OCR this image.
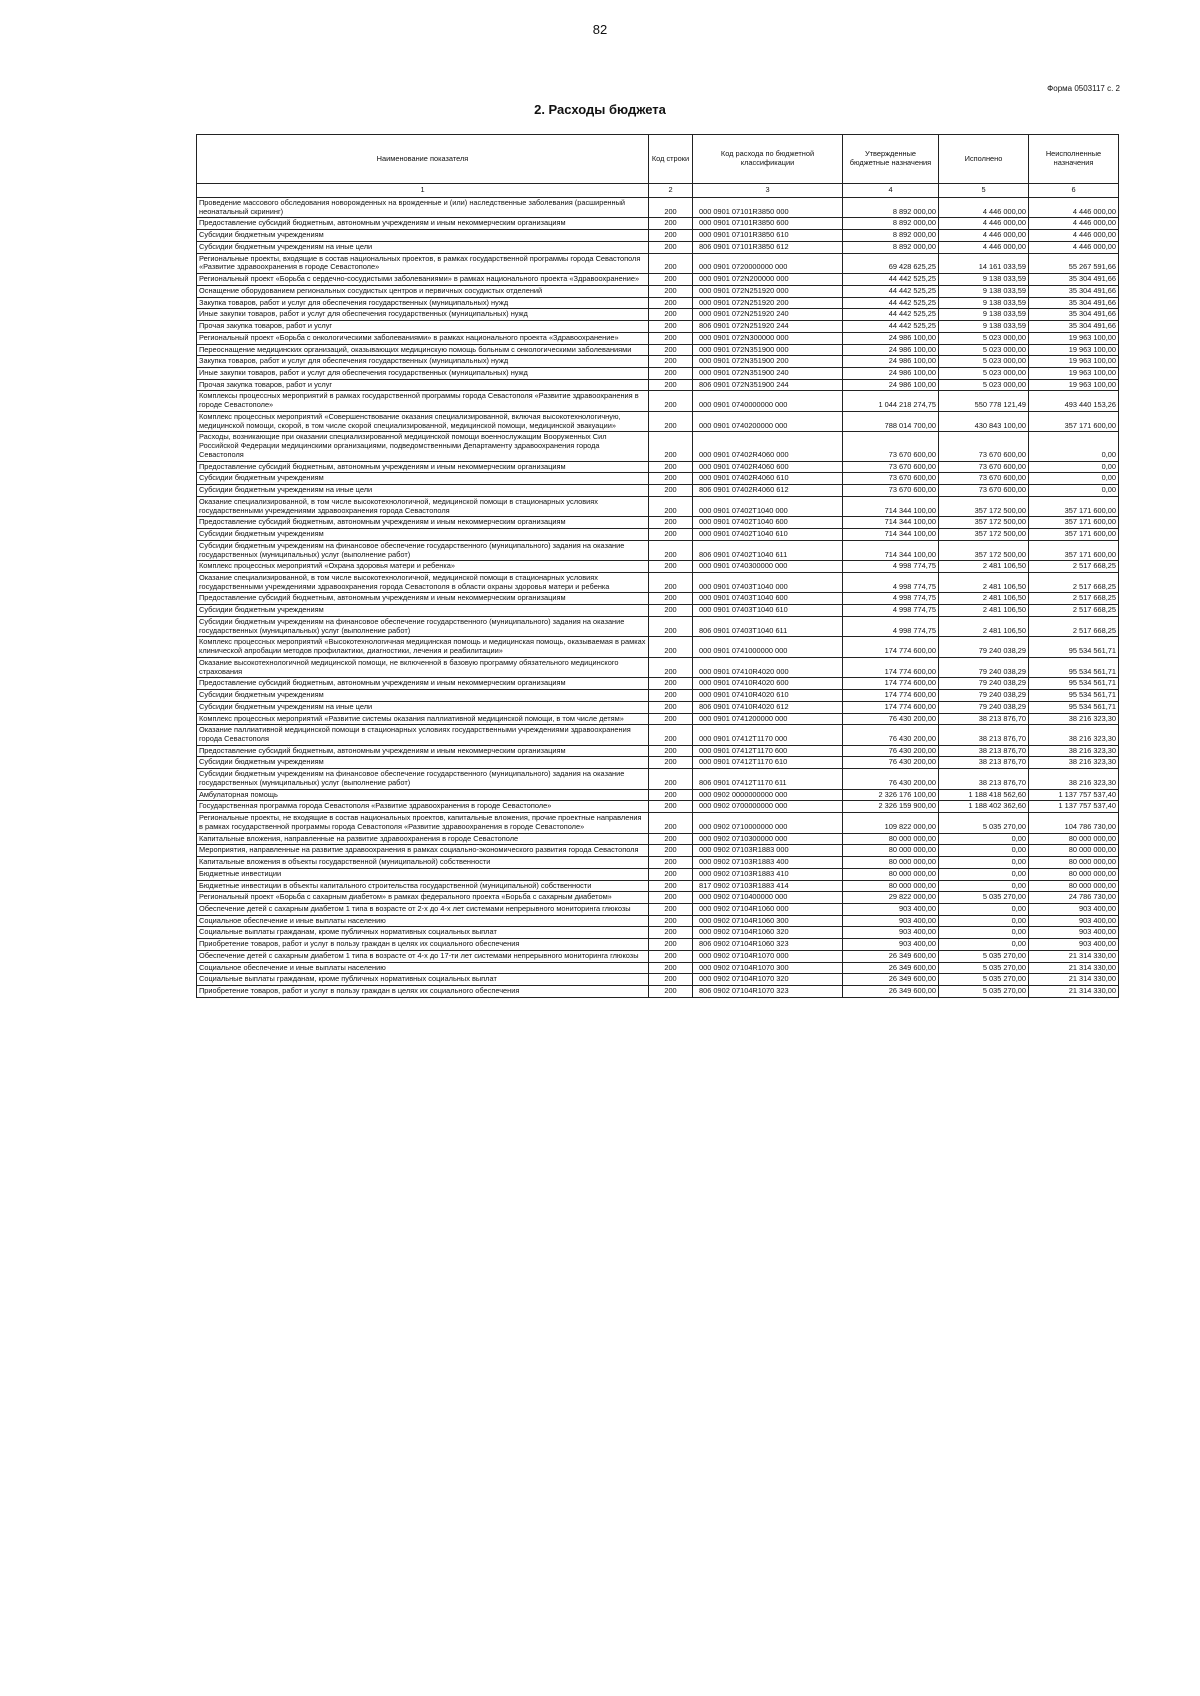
82
Форма 0503117 с. 2
2. Расходы бюджета
Наименование показателя	Код строки	Код расхода по бюджетной классификации	Утвержденные бюджетные назначения	Исполнено	Неисполненные назначения
1	2	3	4	5	6
Проведение массового обследования новорожденных на врожденные и (или) наследственные заболевания (расширенный неонатальный скрининг)	200	000 0901 07101R3850 000	8 892 000,00	4 446 000,00	4 446 000,00
Предоставление субсидий бюджетным, автономным учреждениям и иным некоммерческим организациям	200	000 0901 07101R3850 600	8 892 000,00	4 446 000,00	4 446 000,00
Субсидии бюджетным учреждениям	200	000 0901 07101R3850 610	8 892 000,00	4 446 000,00	4 446 000,00
Субсидии бюджетным учреждениям на иные цели	200	806 0901 07101R3850 612	8 892 000,00	4 446 000,00	4 446 000,00
Региональные проекты, входящие в состав национальных проектов, в рамках государственной программы города Севастополя «Развитие здравоохранения в городе Севастополе»	200	000 0901 0720000000 000	69 428 625,25	14 161 033,59	55 267 591,66
Региональный проект «Борьба с сердечно-сосудистыми заболеваниями» в рамках национального проекта «Здравоохранение»	200	000 0901 072N200000 000	44 442 525,25	9 138 033,59	35 304 491,66
Оснащение оборудованием региональных сосудистых центров и первичных сосудистых отделений	200	000 0901 072N251920 000	44 442 525,25	9 138 033,59	35 304 491,66
Закупка товаров, работ и услуг для обеспечения государственных (муниципальных) нужд	200	000 0901 072N251920 200	44 442 525,25	9 138 033,59	35 304 491,66
Иные закупки товаров, работ и услуг для обеспечения государственных (муниципальных) нужд	200	000 0901 072N251920 240	44 442 525,25	9 138 033,59	35 304 491,66
Прочая закупка товаров, работ и услуг	200	806 0901 072N251920 244	44 442 525,25	9 138 033,59	35 304 491,66
Региональный проект «Борьба с онкологическими заболеваниями» в рамках национального проекта «Здравоохранение»	200	000 0901 072N300000 000	24 986 100,00	5 023 000,00	19 963 100,00
Переоснащение медицинских организаций, оказывающих медицинскую помощь больным с онкологическими заболеваниями	200	000 0901 072N351900 000	24 986 100,00	5 023 000,00	19 963 100,00
Закупка товаров, работ и услуг для обеспечения государственных (муниципальных) нужд	200	000 0901 072N351900 200	24 986 100,00	5 023 000,00	19 963 100,00
Иные закупки товаров, работ и услуг для обеспечения государственных (муниципальных) нужд	200	000 0901 072N351900 240	24 986 100,00	5 023 000,00	19 963 100,00
Прочая закупка товаров, работ и услуг	200	806 0901 072N351900 244	24 986 100,00	5 023 000,00	19 963 100,00
Комплексы процессных мероприятий в рамках государственной программы города Севастополя «Развитие здравоохранения в городе Севастополе»	200	000 0901 0740000000 000	1 044 218 274,75	550 778 121,49	493 440 153,26
Комплекс процессных мероприятий «Совершенствование оказания специализированной, включая высокотехнологичную, медицинской помощи, скорой, в том числе скорой специализированной, медицинской помощи, медицинской эвакуации»	200	000 0901 0740200000 000	788 014 700,00	430 843 100,00	357 171 600,00
Расходы, возникающие при оказании специализированной медицинской помощи военнослужащим Вооруженных Сил Российской Федерации медицинскими организациями, подведомственными Департаменту здравоохранения города Севастополя	200	000 0901 07402R4060 000	73 670 600,00	73 670 600,00	0,00
Предоставление субсидий бюджетным, автономным учреждениям и иным некоммерческим организациям	200	000 0901 07402R4060 600	73 670 600,00	73 670 600,00	0,00
Субсидии бюджетным учреждениям	200	000 0901 07402R4060 610	73 670 600,00	73 670 600,00	0,00
Субсидии бюджетным учреждениям на иные цели	200	806 0901 07402R4060 612	73 670 600,00	73 670 600,00	0,00
Оказание специализированной, в том числе высокотехнологичной, медицинской помощи в стационарных условиях государственными учреждениями здравоохранения города Севастополя	200	000 0901 07402T1040 000	714 344 100,00	357 172 500,00	357 171 600,00
Предоставление субсидий бюджетным, автономным учреждениям и иным некоммерческим организациям	200	000 0901 07402T1040 600	714 344 100,00	357 172 500,00	357 171 600,00
Субсидии бюджетным учреждениям	200	000 0901 07402T1040 610	714 344 100,00	357 172 500,00	357 171 600,00
Субсидии бюджетным учреждениям на финансовое обеспечение государственного (муниципального) задания на оказание государственных (муниципальных) услуг (выполнение работ)	200	806 0901 07402T1040 611	714 344 100,00	357 172 500,00	357 171 600,00
Комплекс процессных мероприятий «Охрана здоровья матери и ребенка»	200	000 0901 0740300000 000	4 998 774,75	2 481 106,50	2 517 668,25
Оказание специализированной, в том числе высокотехнологичной, медицинской помощи в стационарных условиях государственными учреждениями здравоохранения города Севастополя в области охраны здоровья матери и ребенка	200	000 0901 07403T1040 000	4 998 774,75	2 481 106,50	2 517 668,25
Предоставление субсидий бюджетным, автономным учреждениям и иным некоммерческим организациям	200	000 0901 07403T1040 600	4 998 774,75	2 481 106,50	2 517 668,25
Субсидии бюджетным учреждениям	200	000 0901 07403T1040 610	4 998 774,75	2 481 106,50	2 517 668,25
Субсидии бюджетным учреждениям на финансовое обеспечение государственного (муниципального) задания на оказание государственных (муниципальных) услуг (выполнение работ)	200	806 0901 07403T1040 611	4 998 774,75	2 481 106,50	2 517 668,25
Комплекс процессных мероприятий «Высокотехнологичная медицинская помощь и медицинская помощь, оказываемая в рамках клинической апробации методов профилактики, диагностики, лечения и реабилитации»	200	000 0901 0741000000 000	174 774 600,00	79 240 038,29	95 534 561,71
Оказание высокотехнологичной медицинской помощи, не включенной в базовую программу обязательного медицинского страхования	200	000 0901 07410R4020 000	174 774 600,00	79 240 038,29	95 534 561,71
Предоставление субсидий бюджетным, автономным учреждениям и иным некоммерческим организациям	200	000 0901 07410R4020 600	174 774 600,00	79 240 038,29	95 534 561,71
Субсидии бюджетным учреждениям	200	000 0901 07410R4020 610	174 774 600,00	79 240 038,29	95 534 561,71
Субсидии бюджетным учреждениям на иные цели	200	806 0901 07410R4020 612	174 774 600,00	79 240 038,29	95 534 561,71
Комплекс процессных мероприятий «Развитие системы оказания паллиативной медицинской помощи, в том числе детям»	200	000 0901 0741200000 000	76 430 200,00	38 213 876,70	38 216 323,30
Оказание паллиативной медицинской помощи в стационарных условиях государственными учреждениями здравоохранения города Севастополя	200	000 0901 07412T1170 000	76 430 200,00	38 213 876,70	38 216 323,30
Предоставление субсидий бюджетным, автономным учреждениям и иным некоммерческим организациям	200	000 0901 07412T1170 600	76 430 200,00	38 213 876,70	38 216 323,30
Субсидии бюджетным учреждениям	200	000 0901 07412T1170 610	76 430 200,00	38 213 876,70	38 216 323,30
Субсидии бюджетным учреждениям на финансовое обеспечение государственного (муниципального) задания на оказание государственных (муниципальных) услуг (выполнение работ)	200	806 0901 07412T1170 611	76 430 200,00	38 213 876,70	38 216 323,30
Амбулаторная помощь	200	000 0902 0000000000 000	2 326 176 100,00	1 188 418 562,60	1 137 757 537,40
Государственная программа города Севастополя «Развитие здравоохранения в городе Севастополе»	200	000 0902 0700000000 000	2 326 159 900,00	1 188 402 362,60	1 137 757 537,40
Региональные проекты, не входящие в состав национальных проектов, капитальные вложения, прочие проектные направления в рамках государственной программы города Севастополя «Развитие здравоохранения в городе Севастополе»	200	000 0902 0710000000 000	109 822 000,00	5 035 270,00	104 786 730,00
Капитальные вложения, направленные на развитие здравоохранения в городе Севастополе	200	000 0902 0710300000 000	80 000 000,00	0,00	80 000 000,00
Мероприятия, направленные на развитие здравоохранения в рамках социально-экономического развития города Севастополя	200	000 0902 07103R1883 000	80 000 000,00	0,00	80 000 000,00
Капитальные вложения в объекты государственной (муниципальной) собственности	200	000 0902 07103R1883 400	80 000 000,00	0,00	80 000 000,00
Бюджетные инвестиции	200	000 0902 07103R1883 410	80 000 000,00	0,00	80 000 000,00
Бюджетные инвестиции в объекты капитального строительства государственной (муниципальной) собственности	200	817 0902 07103R1883 414	80 000 000,00	0,00	80 000 000,00
Региональный проект «Борьба с сахарным диабетом» в рамках федерального проекта «Борьба с сахарным диабетом»	200	000 0902 0710400000 000	29 822 000,00	5 035 270,00	24 786 730,00
Обеспечение детей с сахарным диабетом 1 типа в возрасте от 2-х до 4-х лет системами непрерывного мониторинга глюкозы	200	000 0902 07104R1060 000	903 400,00	0,00	903 400,00
Социальное обеспечение и иные выплаты населению	200	000 0902 07104R1060 300	903 400,00	0,00	903 400,00
Социальные выплаты гражданам, кроме публичных нормативных социальных выплат	200	000 0902 07104R1060 320	903 400,00	0,00	903 400,00
Приобретение товаров, работ и услуг в пользу граждан в целях их социального обеспечения	200	806 0902 07104R1060 323	903 400,00	0,00	903 400,00
Обеспечение детей с сахарным диабетом 1 типа в возрасте от 4-х до 17-ти лет системами непрерывного мониторинга глюкозы	200	000 0902 07104R1070 000	26 349 600,00	5 035 270,00	21 314 330,00
Социальное обеспечение и иные выплаты населению	200	000 0902 07104R1070 300	26 349 600,00	5 035 270,00	21 314 330,00
Социальные выплаты гражданам, кроме публичных нормативных социальных выплат	200	000 0902 07104R1070 320	26 349 600,00	5 035 270,00	21 314 330,00
Приобретение товаров, работ и услуг в пользу граждан в целях их социального обеспечения	200	806 0902 07104R1070 323	26 349 600,00	5 035 270,00	21 314 330,00
